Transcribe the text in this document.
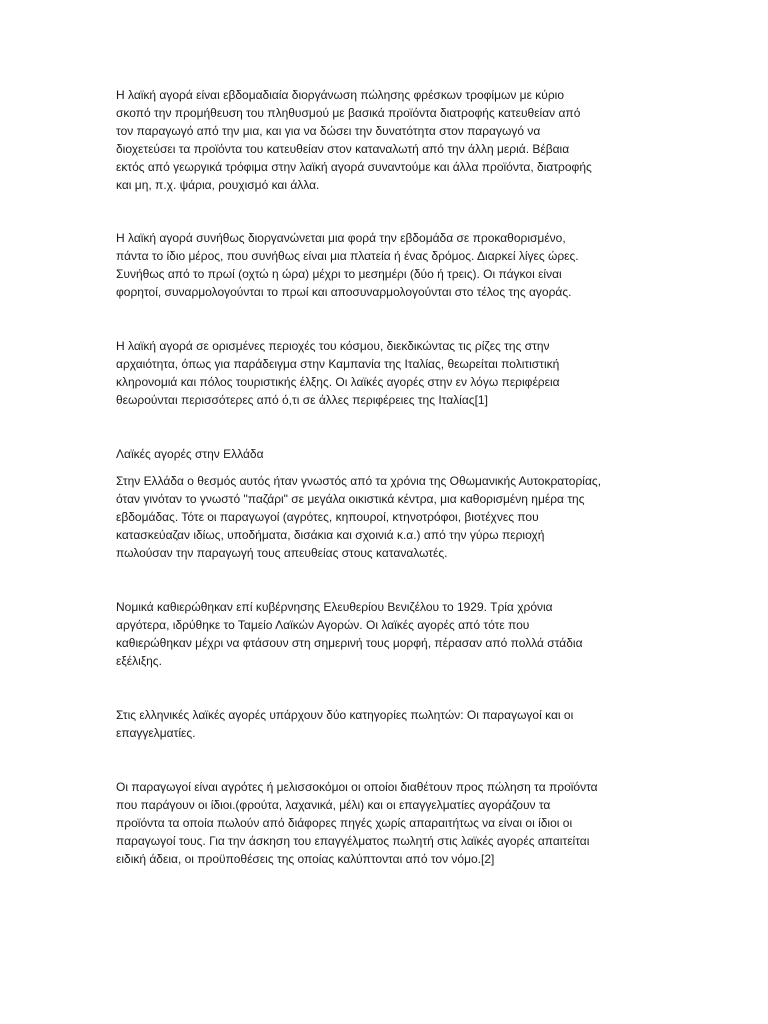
Η λαϊκή αγορά είναι εβδομαδιαία διοργάνωση πώλησης φρέσκων τροφίμων με κύριο
σκοπό την προμήθευση του πληθυσμού με βασικά προϊόντα διατροφής κατευθείαν από
τον παραγωγό από την μια, και για να δώσει την δυνατότητα στον παραγωγό να
διοχετεύσει τα προϊόντα του κατευθείαν στον καταναλωτή από την άλλη μεριά. Βέβαια
εκτός από γεωργικά τρόφιμα στην λαϊκή αγορά συναντούμε και άλλα προϊόντα, διατροφής
και μη, π.χ. ψάρια, ρουχισμό και άλλα.
Η λαϊκή αγορά συνήθως διοργανώνεται μια φορά την εβδομάδα σε προκαθορισμένο,
πάντα το ίδιο μέρος, που συνήθως είναι μια πλατεία ή ένας δρόμος. Διαρκεί λίγες ώρες.
Συνήθως από το πρωί (οχτώ η ώρα) μέχρι το μεσημέρι (δύο ή τρεις). Οι πάγκοι είναι
φορητοί, συναρμολογούνται το πρωί και αποσυναρμολογούνται στο τέλος της αγοράς.
Η λαϊκή αγορά σε ορισμένες περιοχές του κόσμου, διεκδικώντας τις ρίζες της στην
αρχαιότητα, όπως για παράδειγμα στην Καμπανία της Ιταλίας, θεωρείται πολιτιστική
κληρονομιά και πόλος τουριστικής έλξης. Οι λαϊκές αγορές στην εν λόγω περιφέρεια
θεωρούνται περισσότερες από ό,τι σε άλλες περιφέρειες της Ιταλίας[1]
Λαϊκές αγορές στην Ελλάδα
Στην Ελλάδα ο θεσμός αυτός ήταν γνωστός από τα χρόνια της Οθωμανικής Αυτοκρατορίας,
όταν γινόταν το γνωστό "παζάρι" σε μεγάλα οικιστικά κέντρα, μια καθορισμένη ημέρα της
εβδομάδας. Τότε οι παραγωγοί (αγρότες, κηπουροί, κτηνοτρόφοι, βιοτέχνες που
κατασκεύαζαν ιδίως, υποδήματα, δισάκια και σχοινιά κ.α.) από την γύρω περιοχή
πωλούσαν την παραγωγή τους απευθείας στους καταναλωτές.
Νομικά καθιερώθηκαν επί κυβέρνησης Ελευθερίου Βενιζέλου το 1929. Τρία χρόνια
αργότερα, ιδρύθηκε το Ταμείο Λαϊκών Αγορών. Οι λαϊκές αγορές από τότε που
καθιερώθηκαν μέχρι να φτάσουν στη σημερινή τους μορφή, πέρασαν από πολλά στάδια
εξέλιξης.
Στις ελληνικές λαϊκές αγορές υπάρχουν δύο κατηγορίες πωλητών: Οι παραγωγοί και οι
επαγγελματίες.
Οι παραγωγοί είναι αγρότες ή μελισσοκόμοι οι οποίοι διαθέτουν προς πώληση τα προϊόντα
που παράγουν οι ίδιοι.(φρούτα, λαχανικά, μέλι) και οι επαγγελματίες αγοράζουν τα
προϊόντα τα οποία πωλούν από διάφορες πηγές χωρίς απαραιτήτως να είναι οι ίδιοι οι
παραγωγοί τους. Για την άσκηση του επαγγέλματος πωλητή στις λαϊκές αγορές απαιτείται
ειδική άδεια, οι προϋποθέσεις της οποίας καλύπτονται από τον νόμο.[2]
